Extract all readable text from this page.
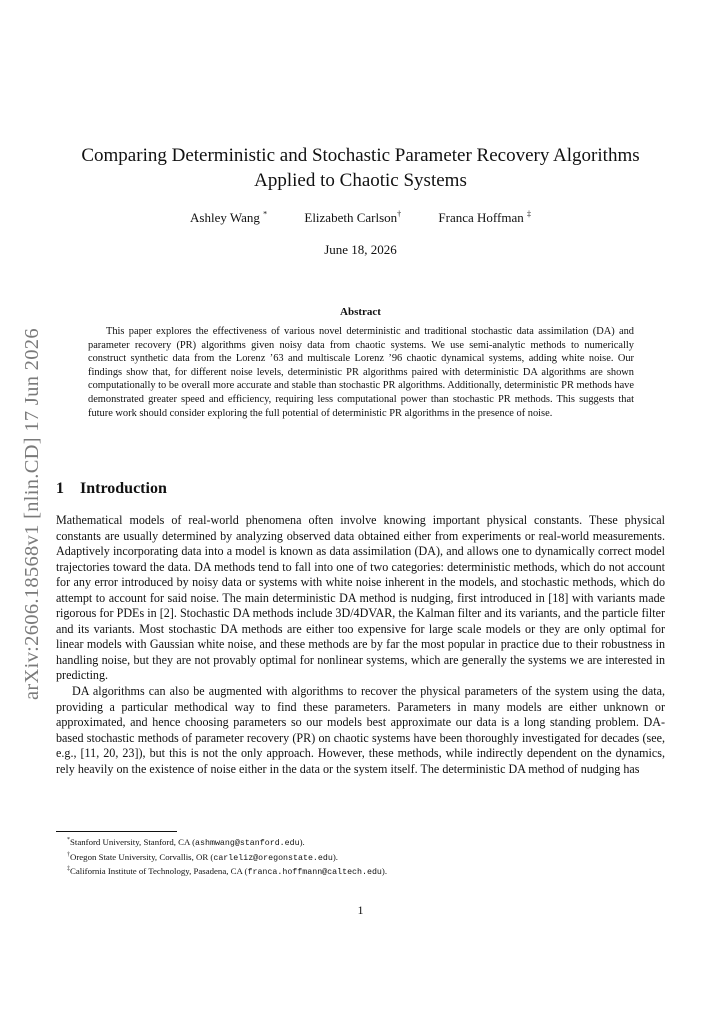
arXiv:2606.18568v1 [nlin.CD] 17 Jun 2026
Comparing Deterministic and Stochastic Parameter Recovery Algorithms Applied to Chaotic Systems
Ashley Wang *	Elizabeth Carlson†	Franca Hoffman ‡
June 18, 2026
Abstract

This paper explores the effectiveness of various novel deterministic and traditional stochastic data assimilation (DA) and parameter recovery (PR) algorithms given noisy data from chaotic systems. We use semi-analytic methods to numerically construct synthetic data from the Lorenz ’63 and multiscale Lorenz ’96 chaotic dynamical systems, adding white noise. Our findings show that, for different noise levels, deterministic PR algorithms paired with deterministic DA algorithms are shown computationally to be overall more accurate and stable than stochastic PR algorithms. Additionally, deterministic PR methods have demonstrated greater speed and efficiency, requiring less computational power than stochastic PR methods. This suggests that future work should consider exploring the full potential of deterministic PR algorithms in the presence of noise.

1 Introduction

Mathematical models of real-world phenomena often involve knowing important physical constants. These physical constants are usually determined by analyzing observed data obtained either from experiments or real-world measurements. Adaptively incorporating data into a model is known as data assimilation (DA), and allows one to dynamically correct model trajectories toward the data. DA methods tend to fall into one of two categories: deterministic methods, which do not account for any error introduced by noisy data or systems with white noise inherent in the models, and stochastic methods, which do attempt to account for said noise. The main deterministic DA method is nudging, first introduced in [18] with variants made rigorous for PDEs in [2]. Stochastic DA methods include 3D/4DVAR, the Kalman filter and its variants, and the particle filter and its variants. Most stochastic DA methods are either too expensive for large scale models or they are only optimal for linear models with Gaussian white noise, and these methods are by far the most popular in practice due to their robustness in handling noise, but they are not provably optimal for nonlinear systems, which are generally the systems we are interested in predicting.

DA algorithms can also be augmented with algorithms to recover the physical parameters of the system using the data, providing a particular methodical way to find these parameters. Parameters in many models are either unknown or approximated, and hence choosing parameters so our models best approximate our data is a long standing problem. DA-based stochastic methods of parameter recovery (PR) on chaotic systems have been thoroughly investigated for decades (see, e.g., [11, 20, 23]), but this is not the only approach. However, these methods, while indirectly dependent on the dynamics, rely heavily on the existence of noise either in the data or the system itself. The deterministic DA method of nudging has

*Stanford University, Stanford, CA (ashmwang@stanford.edu).
†Oregon State University, Corvallis, OR (carleliz@oregonstate.edu).
‡California Institute of Technology, Pasadena, CA (franca.hoffmann@caltech.edu).
1
